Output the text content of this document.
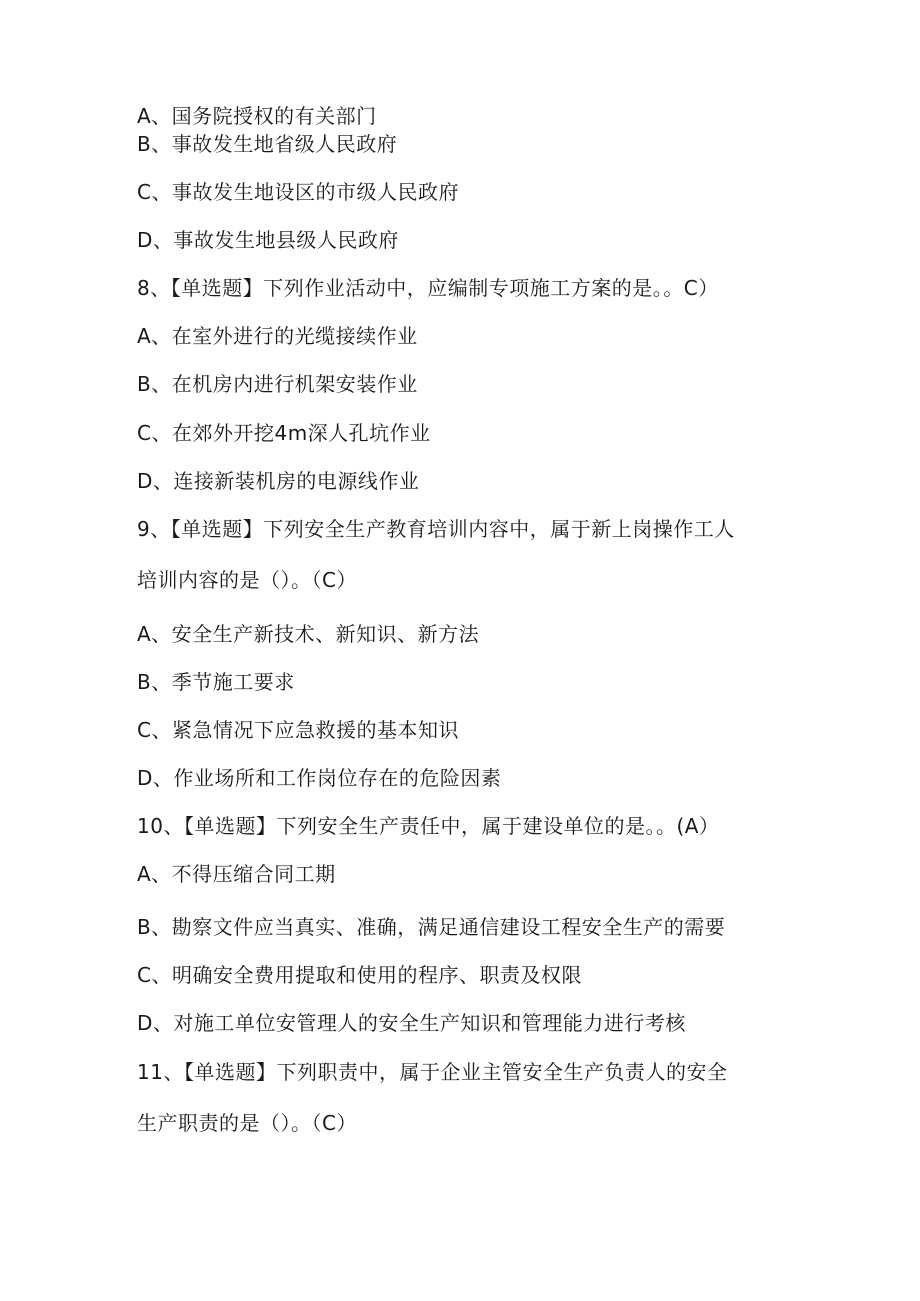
A、国务院授权的有关部门
B、事故发生地省级人民政府
C、事故发生地设区的市级人民政府
D、事故发生地县级人民政府
8、【单选题】下列作业活动中，应编制专项施工方案的是。。C）
A、在室外进行的光缆接续作业
B、在机房内进行机架安装作业
C、在郊外开挖4m深人孔坑作业
D、连接新装机房的电源线作业
9、【单选题】下列安全生产教育培训内容中，属于新上岗操作工人
培训内容的是（）。（C）
A、安全生产新技术、新知识、新方法
B、季节施工要求
C、紧急情况下应急救援的基本知识
D、作业场所和工作岗位存在的危险因素
10、【单选题】下列安全生产责任中，属于建设单位的是。。(A）
A、不得压缩合同工期
B、勘察文件应当真实、准确，满足通信建设工程安全生产的需要
C、明确安全费用提取和使用的程序、职责及权限
D、对施工单位安管理人的安全生产知识和管理能力进行考核
11、【单选题】下列职责中，属于企业主管安全生产负责人的安全
生产职责的是（）。（C）
